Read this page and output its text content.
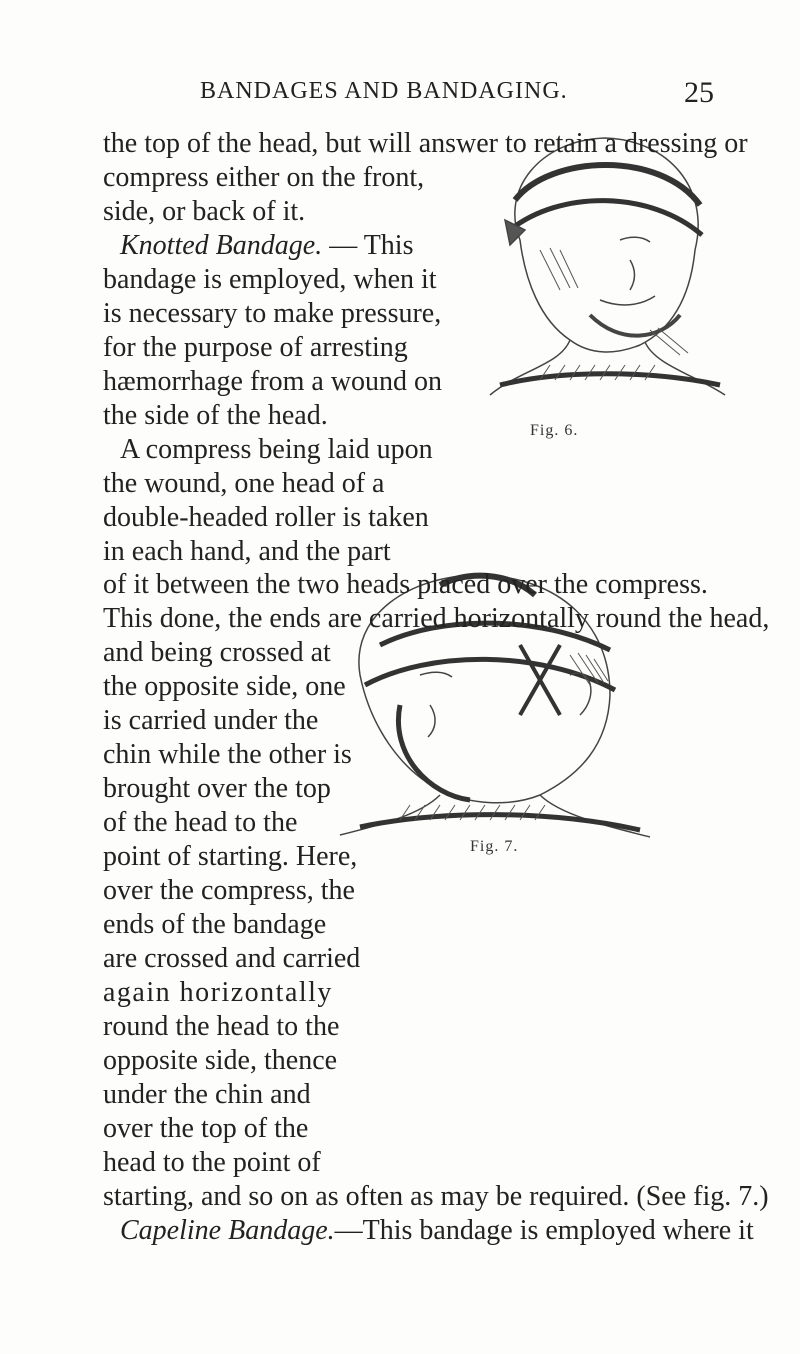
BANDAGES AND BANDAGING.	25
Fig. 6.
Fig. 7.
the top of the head, but will answer to retain a dressing or
compress either on the front,
side, or back of it.
Knotted Bandage. — This
bandage is employed, when it
is necessary to make pressure,
for the purpose of arresting
hæmorrhage from a wound on
the side of the head.
A compress being laid upon
the wound, one head of a
double-headed roller is taken
in each hand, and the part
of it between the two heads placed over the compress.
This done, the ends are carried horizontally round the head,
and being crossed at
the opposite side, one
is carried under the
chin while the other is
brought over the top
of the head to the
point of starting. Here,
over the compress, the
ends of the bandage
are crossed and carried
again horizontally
round the head to the
opposite side, thence
under the chin and
over the top of the
head to the point of
starting, and so on as often as may be required. (See fig. 7.)
Capeline Bandage.—This bandage is employed where it
